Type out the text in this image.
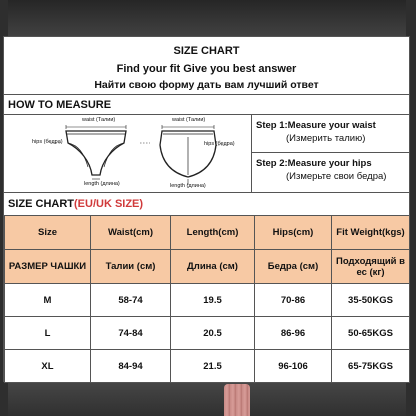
SIZE CHART
Find your fit Give you best answer
Найти свою форму дать вам лучший ответ
HOW TO MEASURE
waist (Талии)
hips (бедра)
length (длина)
waist (Талии)
hips (бедра)
length (длина)
Step 1:Measure your waist
(Измерить талию)
Step 2:Measure your hips
(Измерьте свои бедра)
SIZE CHART(EU/UK SIZE)
Size	Waist(cm)	Length(cm)	Hips(cm)	Fit Weight(kgs)
РАЗМЕР ЧАШКИ	Талии (см)	Длина (см)	Бедра (см)	Подходящий в ес (кг)
M	58-74	19.5	70-86	35-50KGS
L	74-84	20.5	86-96	50-65KGS
XL	84-94	21.5	96-106	65-75KGS
